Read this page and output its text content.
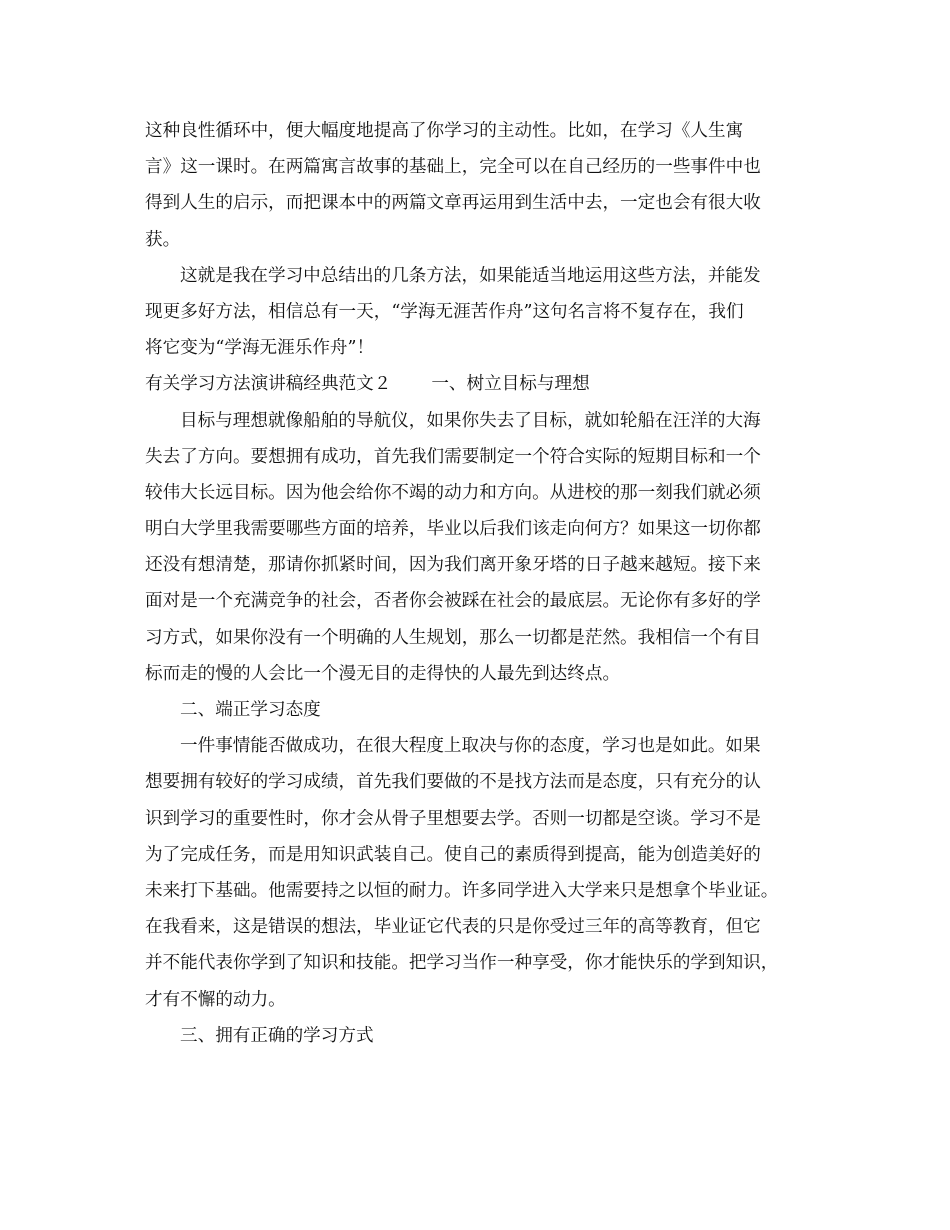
这种良性循环中，便大幅度地提高了你学习的主动性。比如，在学习《人生寓
言》这一课时。在两篇寓言故事的基础上，完全可以在自己经历的一些事件中也
得到人生的启示，而把课本中的两篇文章再运用到生活中去，一定也会有很大收
获。
这就是我在学习中总结出的几条方法，如果能适当地运用这些方法，并能发
现更多好方法，相信总有一天，“学海无涯苦作舟”这句名言将不复存在，我们
将它变为“学海无涯乐作舟”！
有关学习方法演讲稿经典范文２ 一、树立目标与理想
目标与理想就像船舶的导航仪，如果你失去了目标，就如轮船在汪洋的大海
失去了方向。要想拥有成功，首先我们需要制定一个符合实际的短期目标和一个
较伟大长远目标。因为他会给你不竭的动力和方向。从进校的那一刻我们就必须
明白大学里我需要哪些方面的培养，毕业以后我们该走向何方？如果这一切你都
还没有想清楚，那请你抓紧时间，因为我们离开象牙塔的日子越来越短。接下来
面对是一个充满竞争的社会，否者你会被踩在社会的最底层。无论你有多好的学
习方式，如果你没有一个明确的人生规划，那么一切都是茫然。我相信一个有目
标而走的慢的人会比一个漫无目的走得快的人最先到达终点。
二、端正学习态度
一件事情能否做成功，在很大程度上取决与你的态度，学习也是如此。如果
想要拥有较好的学习成绩，首先我们要做的不是找方法而是态度，只有充分的认
识到学习的重要性时，你才会从骨子里想要去学。否则一切都是空谈。学习不是
为了完成任务，而是用知识武装自己。使自己的素质得到提高，能为创造美好的
未来打下基础。他需要持之以恒的耐力。许多同学进入大学来只是想拿个毕业证。
在我看来，这是错误的想法，毕业证它代表的只是你受过三年的高等教育，但它
并不能代表你学到了知识和技能。把学习当作一种享受，你才能快乐的学到知识，
才有不懈的动力。
三、拥有正确的学习方式
